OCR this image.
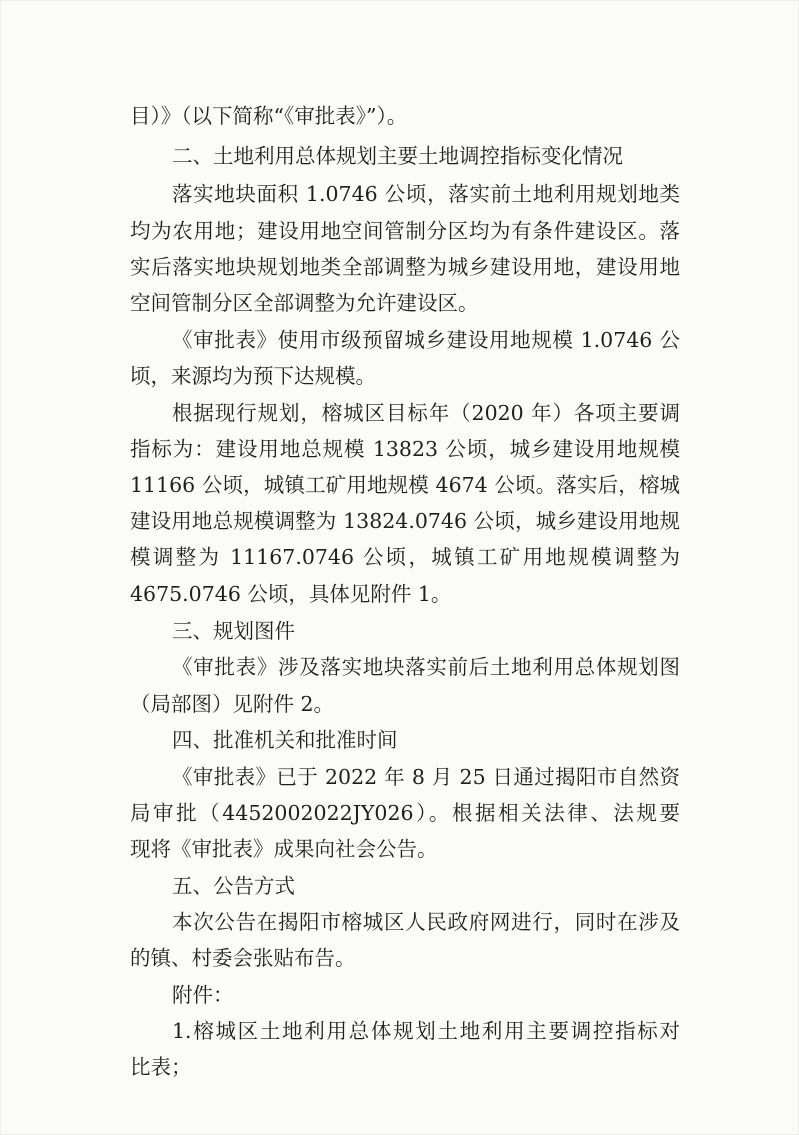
目）》（以下简称“《审批表》”）。
二、土地利用总体规划主要土地调控指标变化情况
落实地块面积 1.0746 公顷，落实前土地利用规划地类
均为农用地；建设用地空间管制分区均为有条件建设区。落
实后落实地块规划地类全部调整为城乡建设用地，建设用地
空间管制分区全部调整为允许建设区。
《审批表》使用市级预留城乡建设用地规模 1.0746 公
顷，来源均为预下达规模。
根据现行规划，榕城区目标年（2020 年）各项主要调
指标为：建设用地总规模 13823 公顷，城乡建设用地规模
11166 公顷，城镇工矿用地规模 4674 公顷。落实后，榕城
建设用地总规模调整为 13824.0746 公顷，城乡建设用地规
模调整为 11167.0746 公顷，城镇工矿用地规模调整为
4675.0746 公顷，具体见附件 1。
三、规划图件
《审批表》涉及落实地块落实前后土地利用总体规划图
（局部图）见附件 2。
四、批准机关和批准时间
《审批表》已于 2022 年 8 月 25 日通过揭阳市自然资
局审批（4452002022JY026）。根据相关法律、法规要
现将《审批表》成果向社会公告。
五、公告方式
本次公告在揭阳市榕城区人民政府网进行，同时在涉及
的镇、村委会张贴布告。
附件：
1.榕城区土地利用总体规划土地利用主要调控指标对
比表；
